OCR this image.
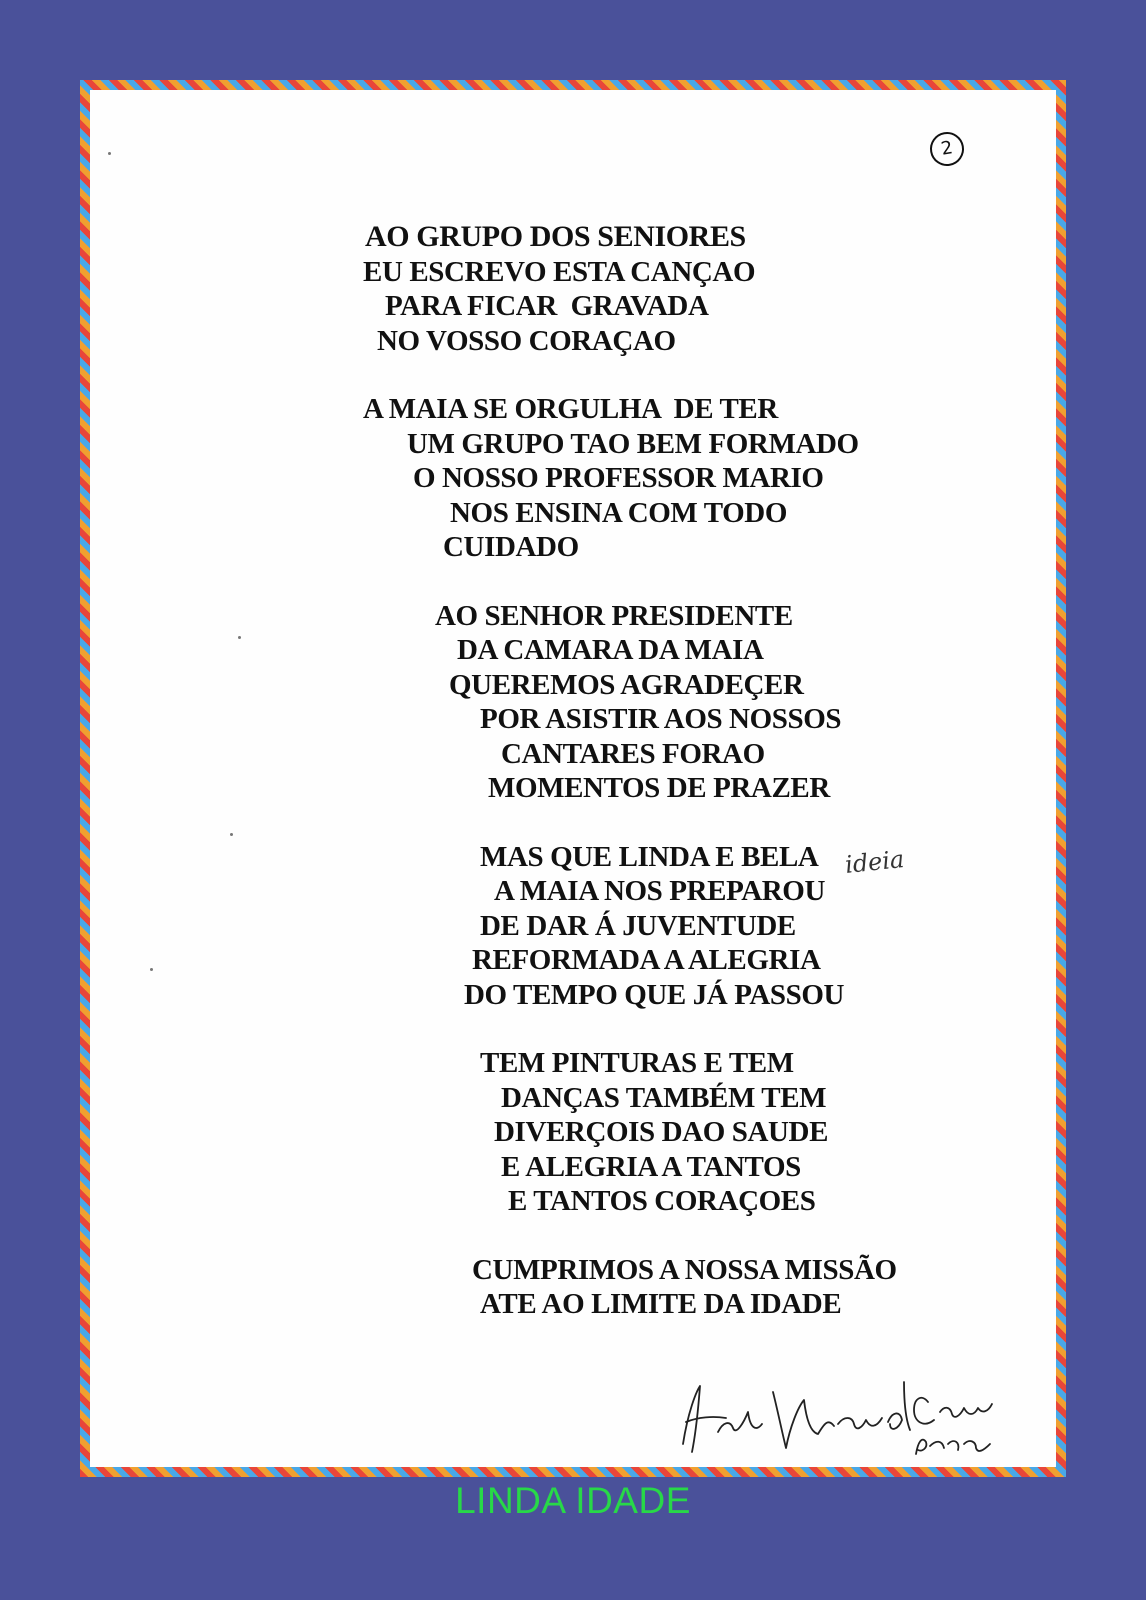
2
AO GRUPO DOS SENIORES
EU ESCREVO ESTA CANÇAO
PARA FICAR  GRAVADA
NO VOSSO CORAÇAO
A MAIA SE ORGULHA  DE TER
UM GRUPO TAO BEM FORMADO
O NOSSO PROFESSOR MARIO
NOS ENSINA COM TODO
CUIDADO
AO SENHOR PRESIDENTE
DA CAMARA DA MAIA
QUEREMOS AGRADEÇER
POR ASISTIR AOS NOSSOS
CANTARES FORAO
MOMENTOS DE PRAZER
MAS QUE LINDA E BELA
A MAIA NOS PREPAROU
DE DAR Á JUVENTUDE
REFORMADA A ALEGRIA
DO TEMPO QUE JÁ PASSOU
TEM PINTURAS E TEM
DANÇAS TAMBÉM TEM
DIVERÇOIS DAO SAUDE
E ALEGRIA A TANTOS
E TANTOS CORAÇOES
CUMPRIMOS A NOSSA MISSÃO
ATE AO LIMITE DA IDADE
ideia
LINDA IDADE
